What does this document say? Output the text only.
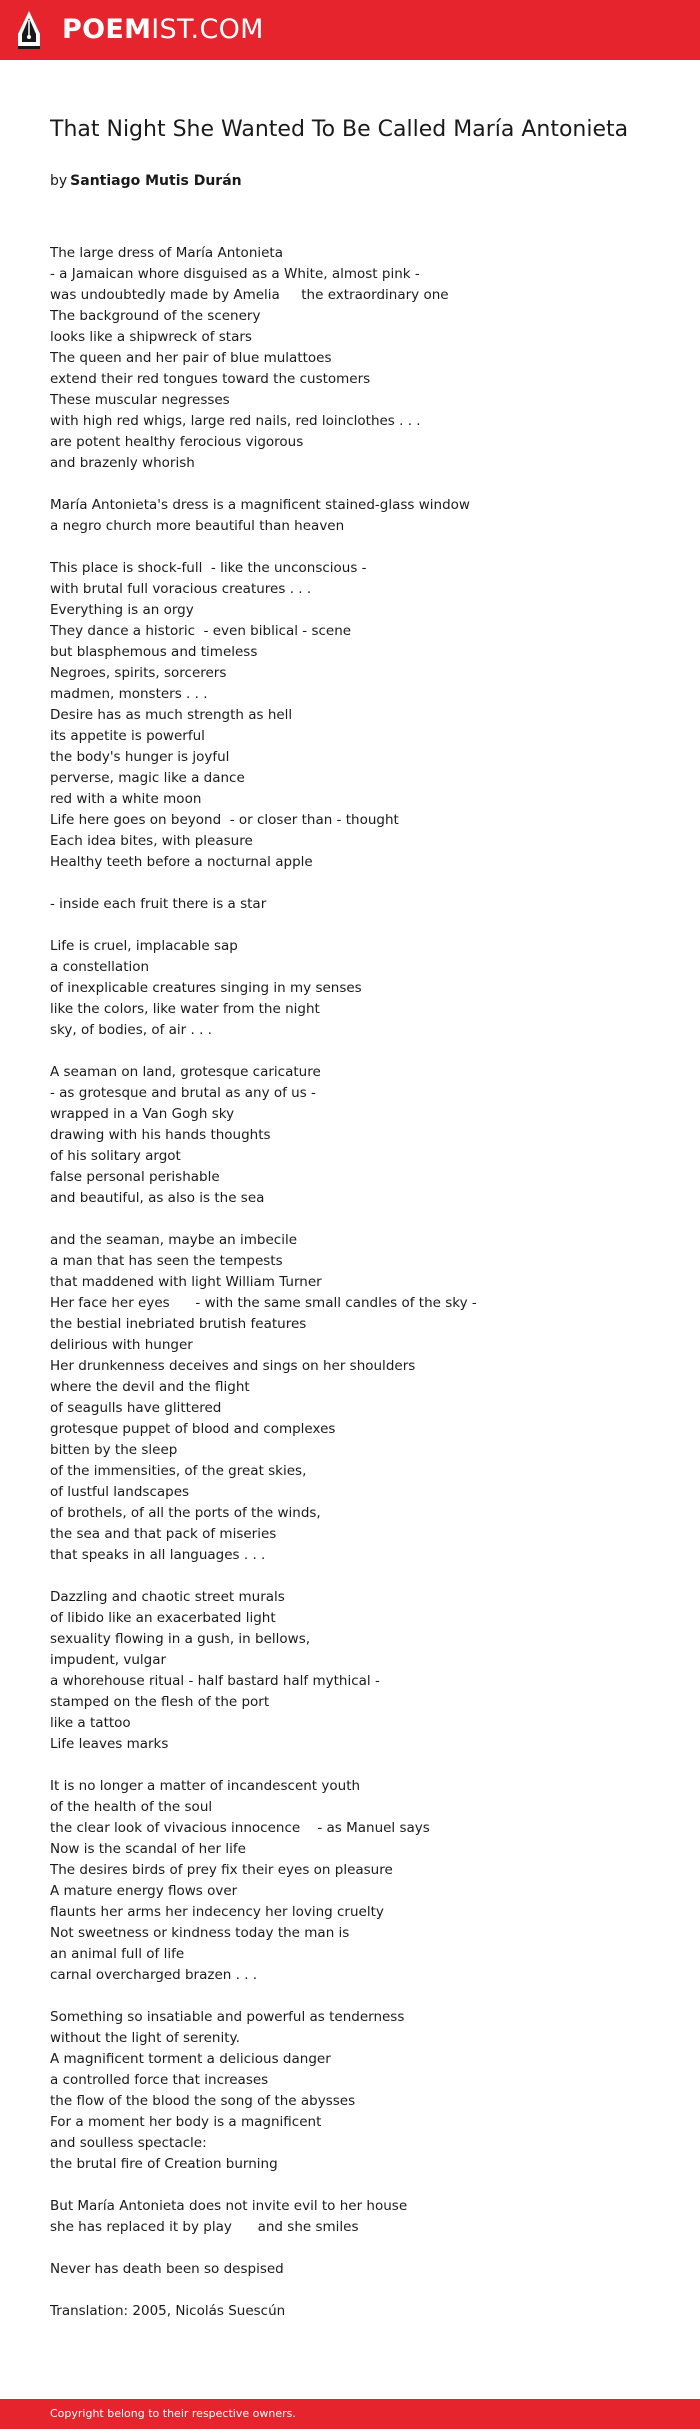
POEMIST.COM
That Night She Wanted To Be Called María Antonieta
by Santiago Mutis Durán
The large dress of María Antonieta
- a Jamaican whore disguised as a White, almost pink -
was undoubtedly made by Amelia     the extraordinary one
The background of the scenery
looks like a shipwreck of stars
The queen and her pair of blue mulattoes
extend their red tongues toward the customers
These muscular negresses
with high red whigs, large red nails, red loinclothes . . .
are potent healthy ferocious vigorous
and brazenly whorish
María Antonieta's dress is a magnificent stained-glass window
a negro church more beautiful than heaven
This place is shock-full  - like the unconscious -
with brutal full voracious creatures . . .
Everything is an orgy
They dance a historic  - even biblical - scene
but blasphemous and timeless
Negroes, spirits, sorcerers
madmen, monsters . . .
Desire has as much strength as hell
its appetite is powerful
the body's hunger is joyful
perverse, magic like a dance
red with a white moon
Life here goes on beyond  - or closer than - thought
Each idea bites, with pleasure
Healthy teeth before a nocturnal apple
- inside each fruit there is a star
Life is cruel, implacable sap
a constellation
of inexplicable creatures singing in my senses
like the colors, like water from the night
sky, of bodies, of air . . .
A seaman on land, grotesque caricature
- as grotesque and brutal as any of us -
wrapped in a Van Gogh sky
drawing with his hands thoughts
of his solitary argot
false personal perishable
and beautiful, as also is the sea
and the seaman, maybe an imbecile
a man that has seen the tempests
that maddened with light William Turner
Her face her eyes      - with the same small candles of the sky -
the bestial inebriated brutish features
delirious with hunger
Her drunkenness deceives and sings on her shoulders
where the devil and the flight
of seagulls have glittered
grotesque puppet of blood and complexes
bitten by the sleep
of the immensities, of the great skies,
of lustful landscapes
of brothels, of all the ports of the winds,
the sea and that pack of miseries
that speaks in all languages . . .
Dazzling and chaotic street murals
of libido like an exacerbated light
sexuality flowing in a gush, in bellows,
impudent, vulgar
a whorehouse ritual - half bastard half mythical -
stamped on the flesh of the port
like a tattoo
Life leaves marks
It is no longer a matter of incandescent youth
of the health of the soul
the clear look of vivacious innocence    - as Manuel says
Now is the scandal of her life
The desires birds of prey fix their eyes on pleasure
A mature energy flows over
flaunts her arms her indecency her loving cruelty
Not sweetness or kindness today the man is
an animal full of life
carnal overcharged brazen . . .
Something so insatiable and powerful as tenderness
without the light of serenity.
A magnificent torment a delicious danger
a controlled force that increases
the flow of the blood the song of the abysses
For a moment her body is a magnificent
and soulless spectacle:
the brutal fire of Creation burning
But María Antonieta does not invite evil to her house
she has replaced it by play      and she smiles
Never has death been so despised
Translation: 2005, Nicolás Suescún
Copyright belong to their respective owners.
